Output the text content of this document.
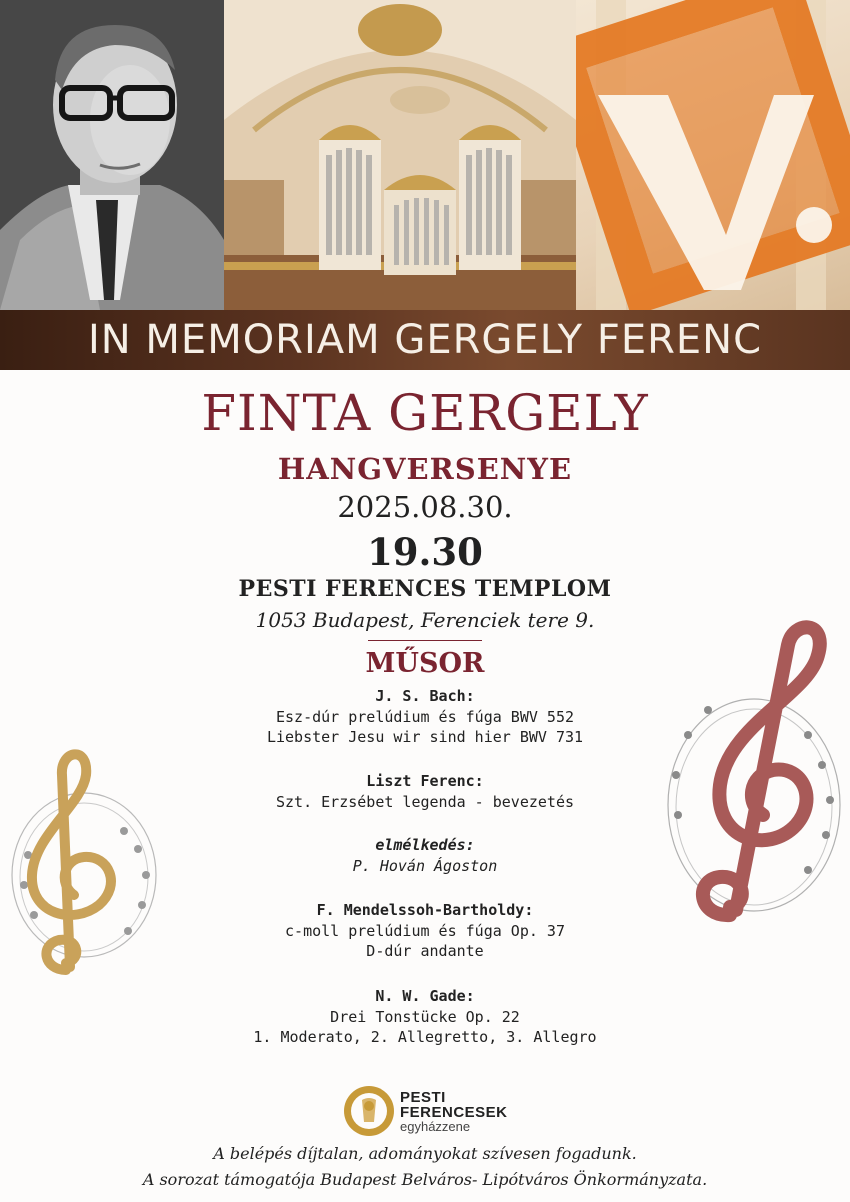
V.
IN MEMORIAM GERGELY FERENC
FINTA GERGELY
HANGVERSENYE
2025.08.30.
19.30
PESTI FERENCES TEMPLOM
1053 Budapest, Ferenciek tere 9.
MŰSOR
J. S. Bach:
Esz-dúr prelúdium és fúga BWV 552
Liebster Jesu wir sind hier BWV 731
Liszt Ferenc:
Szt. Erzsébet legenda - bevezetés
elmélkedés:
P. Hován Ágoston
F. Mendelssoh-Bartholdy:
c-moll prelúdium és fúga Op. 37
D-dúr andante
N. W. Gade:
Drei Tonstücke Op. 22
1. Moderato, 2. Allegretto, 3. Allegro
PESTI
FERENCESEK
egyházzene
A belépés díjtalan, adományokat szívesen fogadunk.
A sorozat támogatója Budapest Belváros- Lipótváros Önkormányzata.
